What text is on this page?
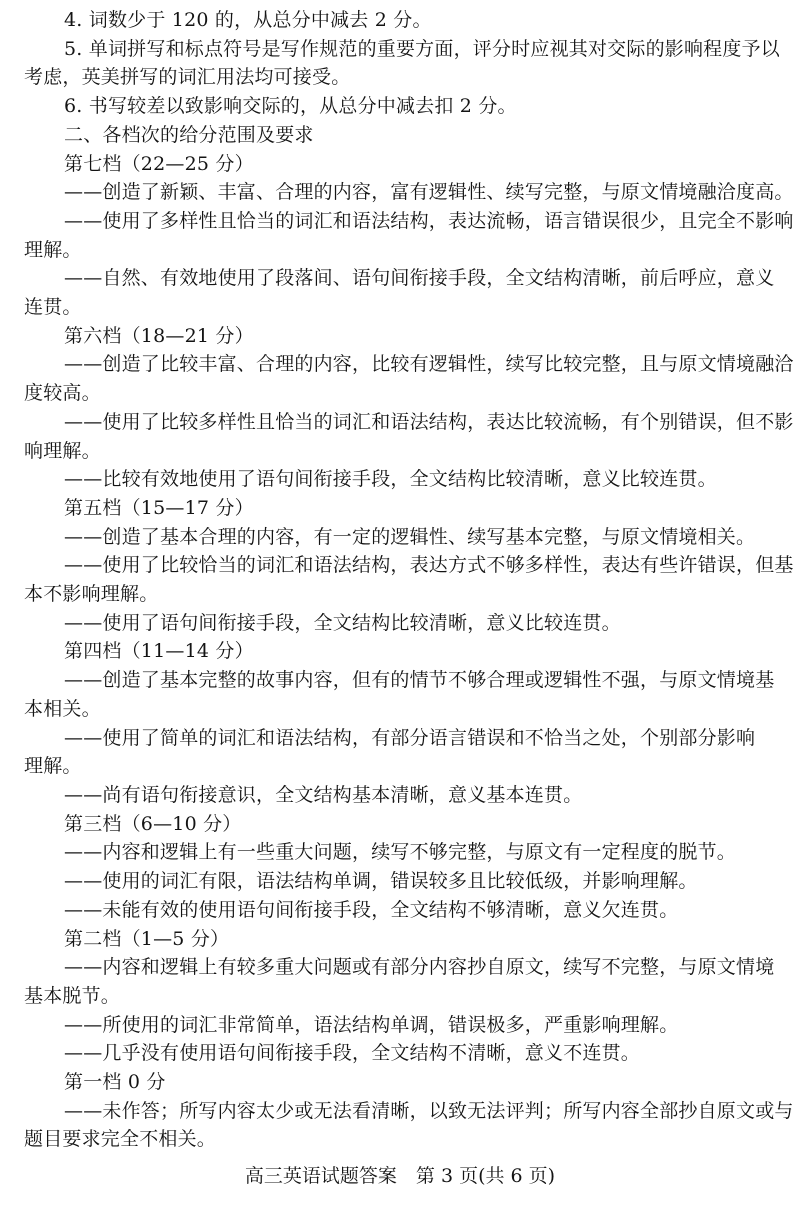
4. 词数少于 120 的，从总分中减去 2 分。
5. 单词拼写和标点符号是写作规范的重要方面，评分时应视其对交际的影响程度予以
考虑，英美拼写的词汇用法均可接受。
6. 书写较差以致影响交际的，从总分中减去扣 2 分。
二、各档次的给分范围及要求
第七档（22—25 分）
——创造了新颖、丰富、合理的内容，富有逻辑性、续写完整，与原文情境融洽度高。
——使用了多样性且恰当的词汇和语法结构，表达流畅，语言错误很少，且完全不影响
理解。
——自然、有效地使用了段落间、语句间衔接手段，全文结构清晰，前后呼应，意义
连贯。
第六档（18—21 分）
——创造了比较丰富、合理的内容，比较有逻辑性，续写比较完整，且与原文情境融洽
度较高。
——使用了比较多样性且恰当的词汇和语法结构，表达比较流畅，有个别错误，但不影
响理解。
——比较有效地使用了语句间衔接手段，全文结构比较清晰，意义比较连贯。
第五档（15—17 分）
——创造了基本合理的内容，有一定的逻辑性、续写基本完整，与原文情境相关。
——使用了比较恰当的词汇和语法结构，表达方式不够多样性，表达有些许错误，但基
本不影响理解。
——使用了语句间衔接手段，全文结构比较清晰，意义比较连贯。
第四档（11—14 分）
——创造了基本完整的故事内容，但有的情节不够合理或逻辑性不强，与原文情境基
本相关。
——使用了简单的词汇和语法结构，有部分语言错误和不恰当之处，个别部分影响
理解。
——尚有语句衔接意识，全文结构基本清晰，意义基本连贯。
第三档（6—10 分）
——内容和逻辑上有一些重大问题，续写不够完整，与原文有一定程度的脱节。
——使用的词汇有限，语法结构单调，错误较多且比较低级，并影响理解。
——未能有效的使用语句间衔接手段，全文结构不够清晰，意义欠连贯。
第二档（1—5 分）
——内容和逻辑上有较多重大问题或有部分内容抄自原文，续写不完整，与原文情境
基本脱节。
——所使用的词汇非常简单，语法结构单调，错误极多，严重影响理解。
——几乎没有使用语句间衔接手段，全文结构不清晰，意义不连贯。
第一档 0 分
——未作答；所写内容太少或无法看清晰，以致无法评判；所写内容全部抄自原文或与
题目要求完全不相关。
高三英语试题答案　第 3 页(共 6 页)
